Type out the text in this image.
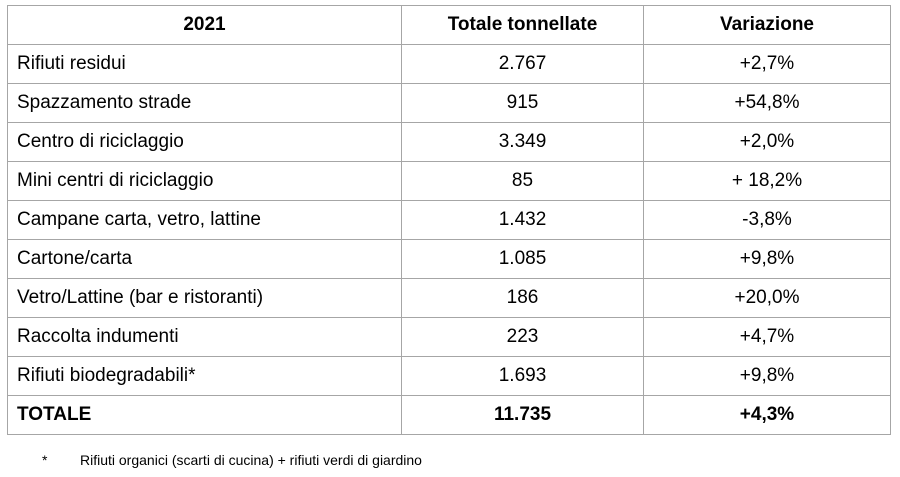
2021	Totale tonnellate	Variazione
Rifiuti residui	2.767	+2,7%
Spazzamento strade	915	+54,8%
Centro di riciclaggio	3.349	+2,0%
Mini centri di riciclaggio	85	+ 18,2%
Campane carta, vetro, lattine	1.432	-3,8%
Cartone/carta	1.085	+9,8%
Vetro/Lattine (bar e ristoranti)	186	+20,0%
Raccolta indumenti	223	+4,7%
Rifiuti biodegradabili*	1.693	+9,8%
TOTALE	11.735	+4,3%
* Rifiuti organici (scarti di cucina) + rifiuti verdi di giardino
